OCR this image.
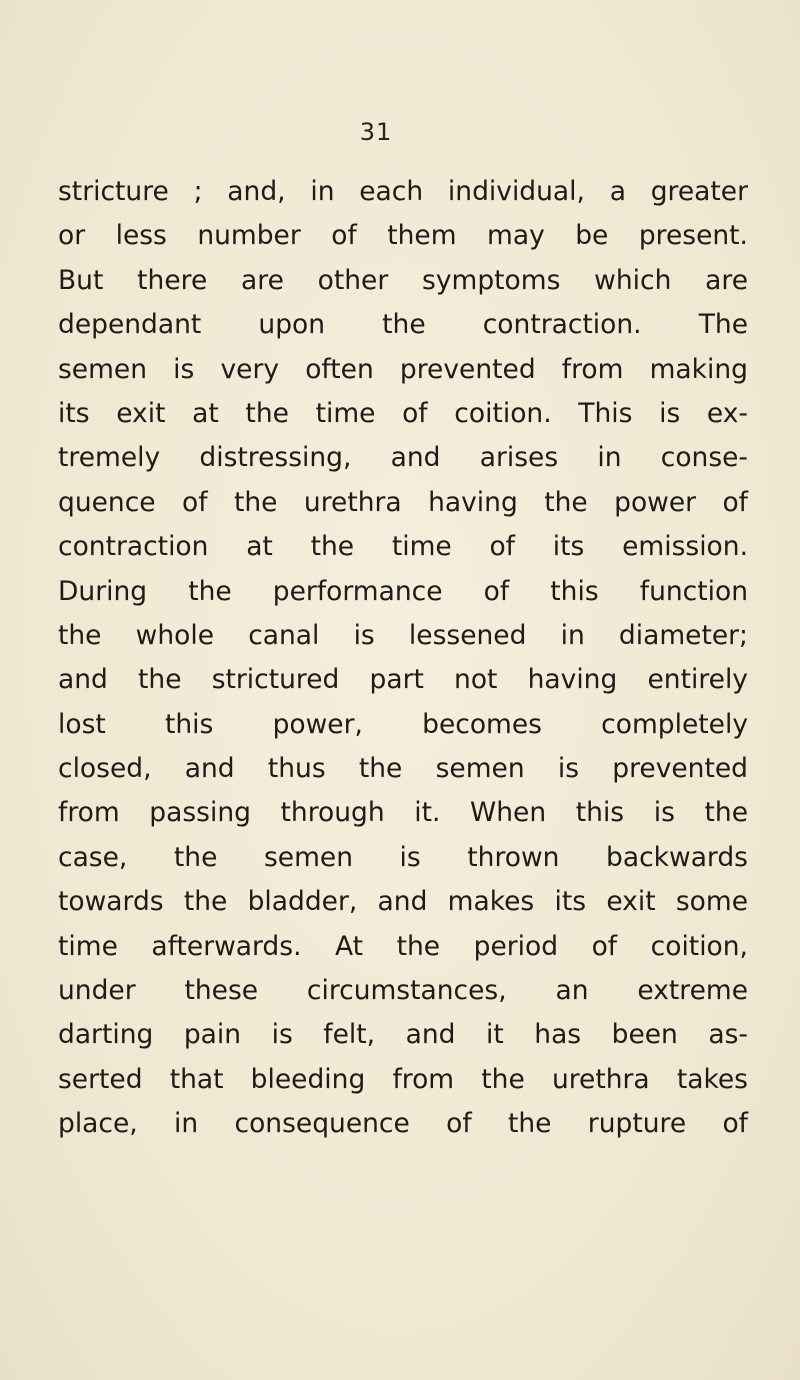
31
stricture ; and, in each individual, a greater
or less number of them may be present.
But there are other symptoms which are
dependant upon the contraction. The
semen is very often prevented from making
its exit at the time of coition. This is ex-
tremely distressing, and arises in conse-
quence of the urethra having the power of
contraction at the time of its emission.
During the performance of this function
the whole canal is lessened in diameter;
and the strictured part not having entirely
lost this power, becomes completely
closed, and thus the semen is prevented
from passing through it. When this is the
case, the semen is thrown backwards
towards the bladder, and makes its exit some
time afterwards. At the period of coition,
under these circumstances, an extreme
darting pain is felt, and it has been as-
serted that bleeding from the urethra takes
place, in consequence of the rupture of
